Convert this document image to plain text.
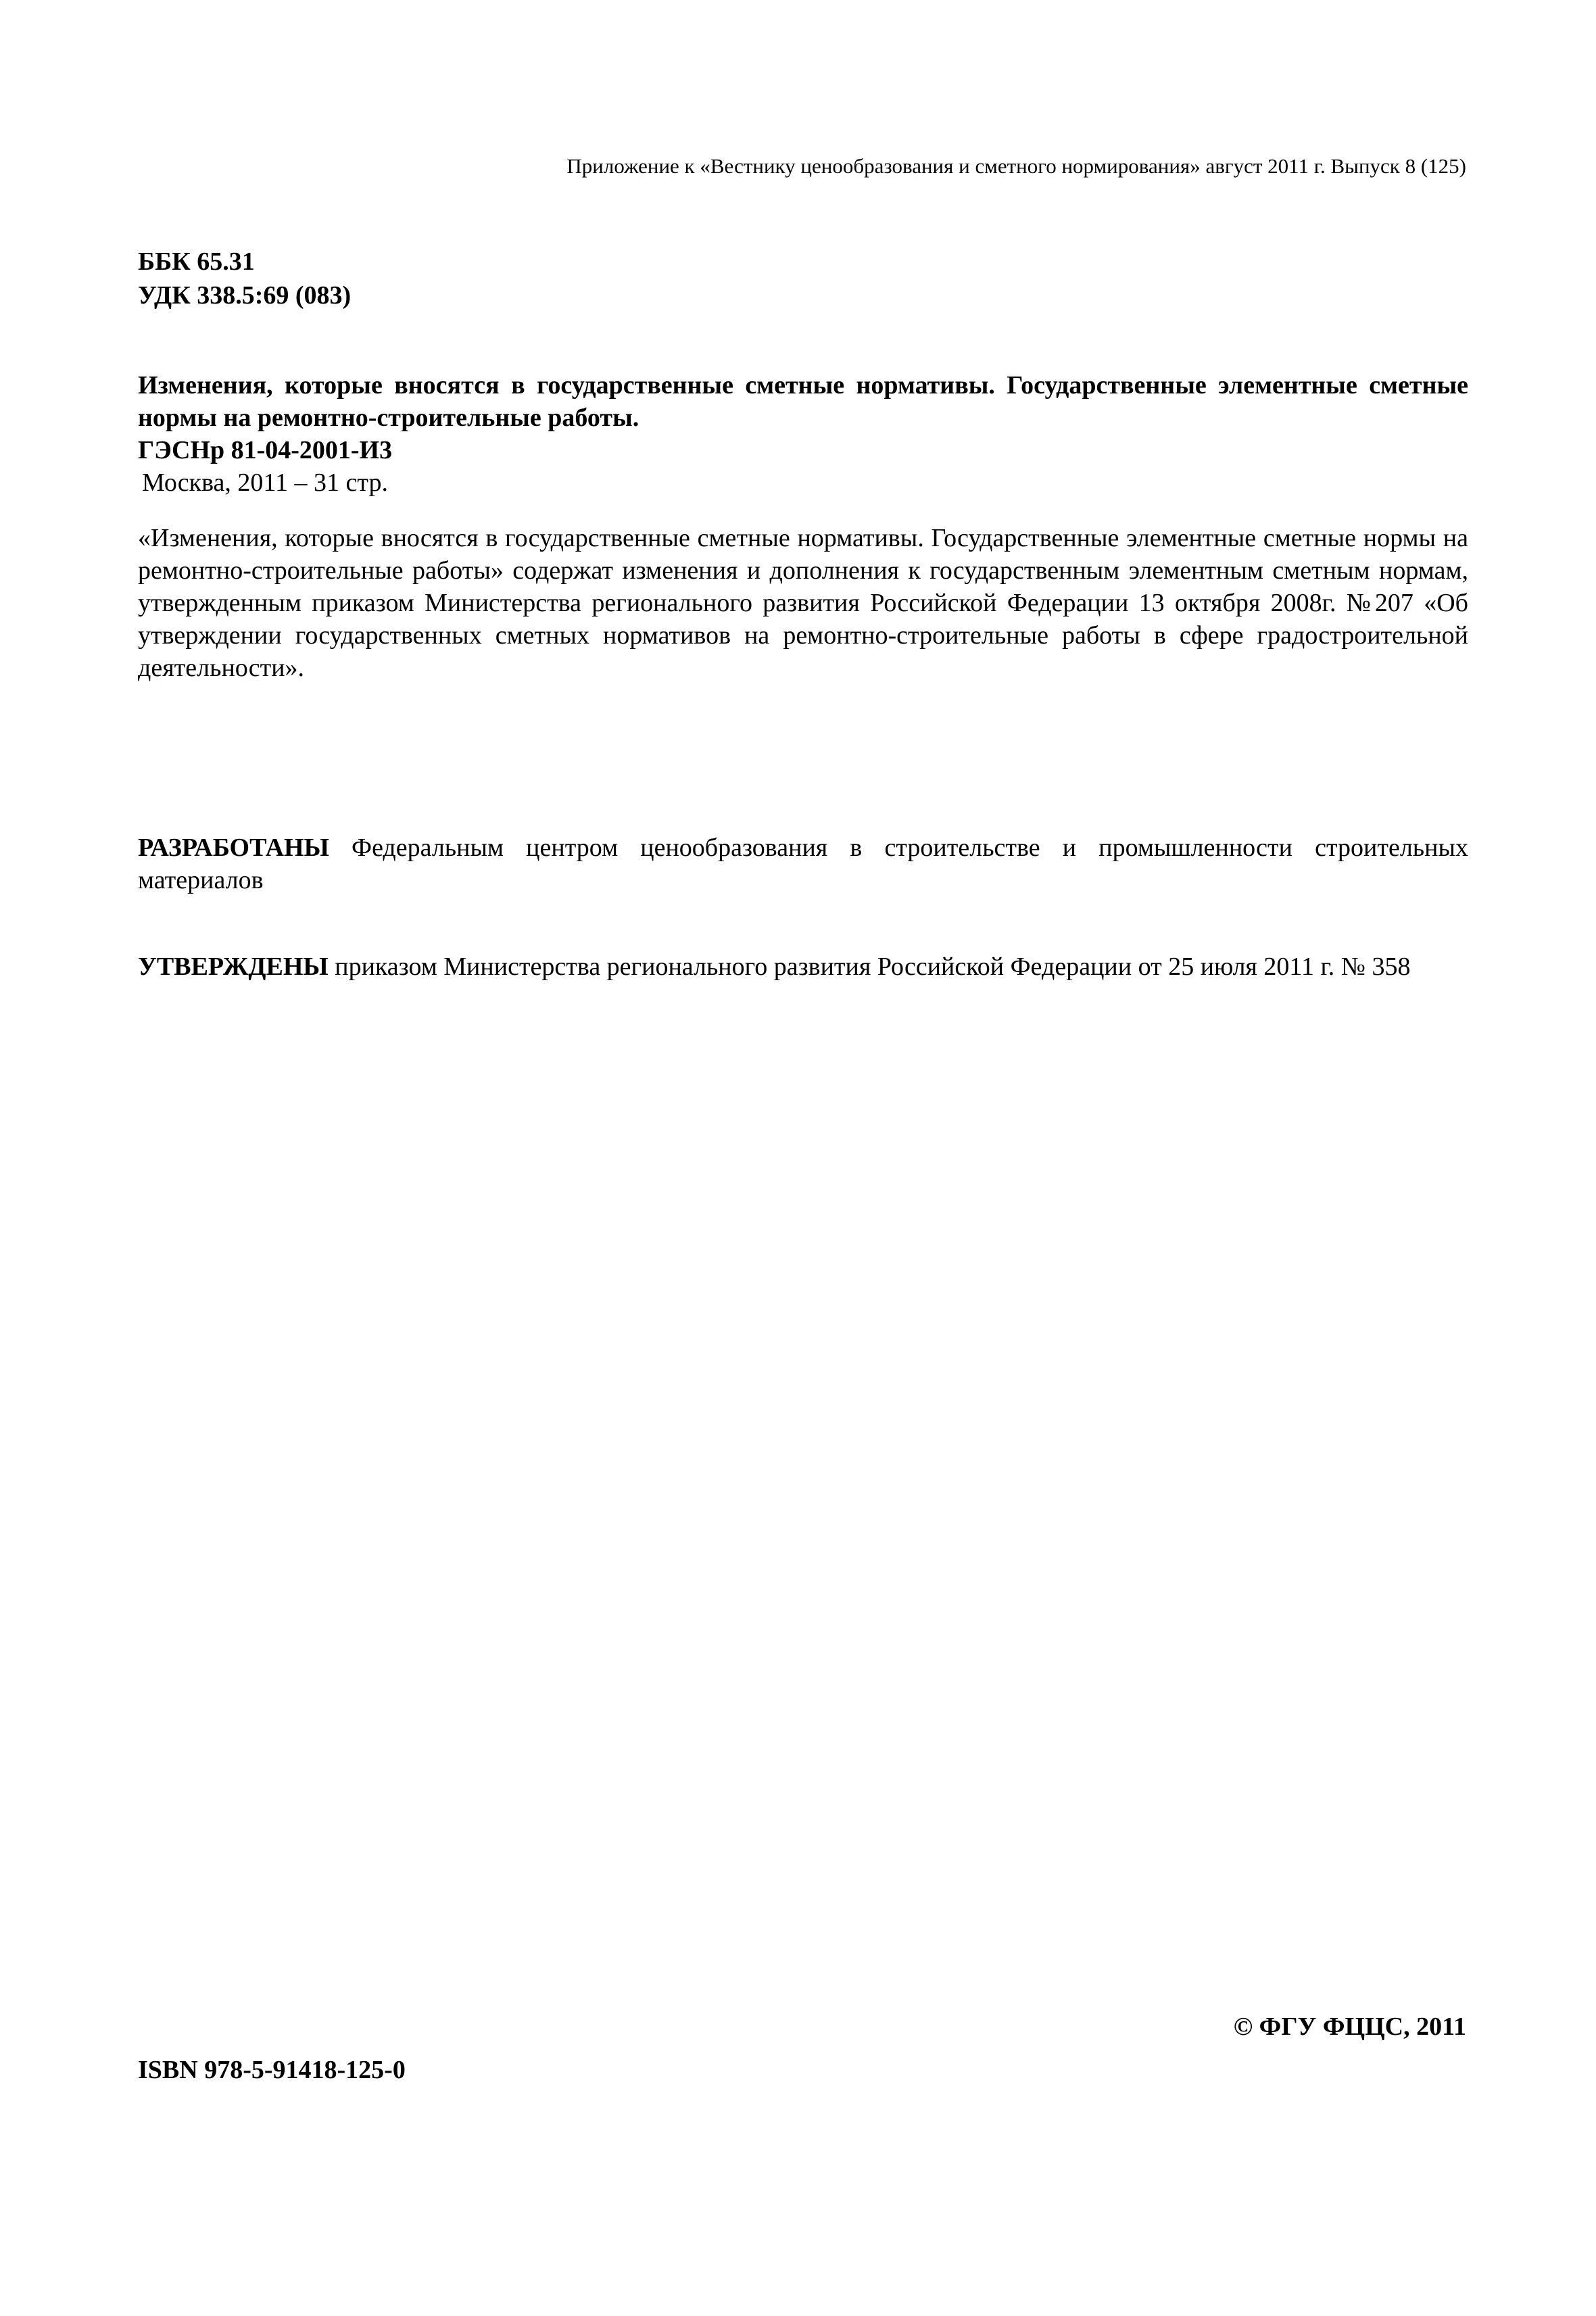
Приложение к «Вестнику ценообразования и сметного нормирования» август 2011 г. Выпуск 8 (125)
ББК 65.31
УДК 338.5:69 (083)
Изменения, которые вносятся в государственные сметные нормативы. Государственные элементные сметные нормы на ремонтно-строительные работы.
ГЭСНр 81-04-2001-И3
Москва, 2011 – 31 стр.
«Изменения, которые вносятся в государственные сметные нормативы. Государственные элементные сметные нормы на ремонтно-строительные работы» содержат изменения и дополнения к государственным элементным сметным нормам, утвержденным приказом Министерства регионального развития Российской Федерации 13 октября 2008г. №207 «Об утверждении государственных сметных нормативов на ремонтно-строительные работы в сфере градостроительной деятельности».
РАЗРАБОТАНЫ Федеральным центром ценообразования в строительстве и промышленности строительных материалов
УТВЕРЖДЕНЫ приказом Министерства регионального развития Российской Федерации от 25 июля 2011 г. № 358
© ФГУ ФЦЦС, 2011
ISBN 978-5-91418-125-0
